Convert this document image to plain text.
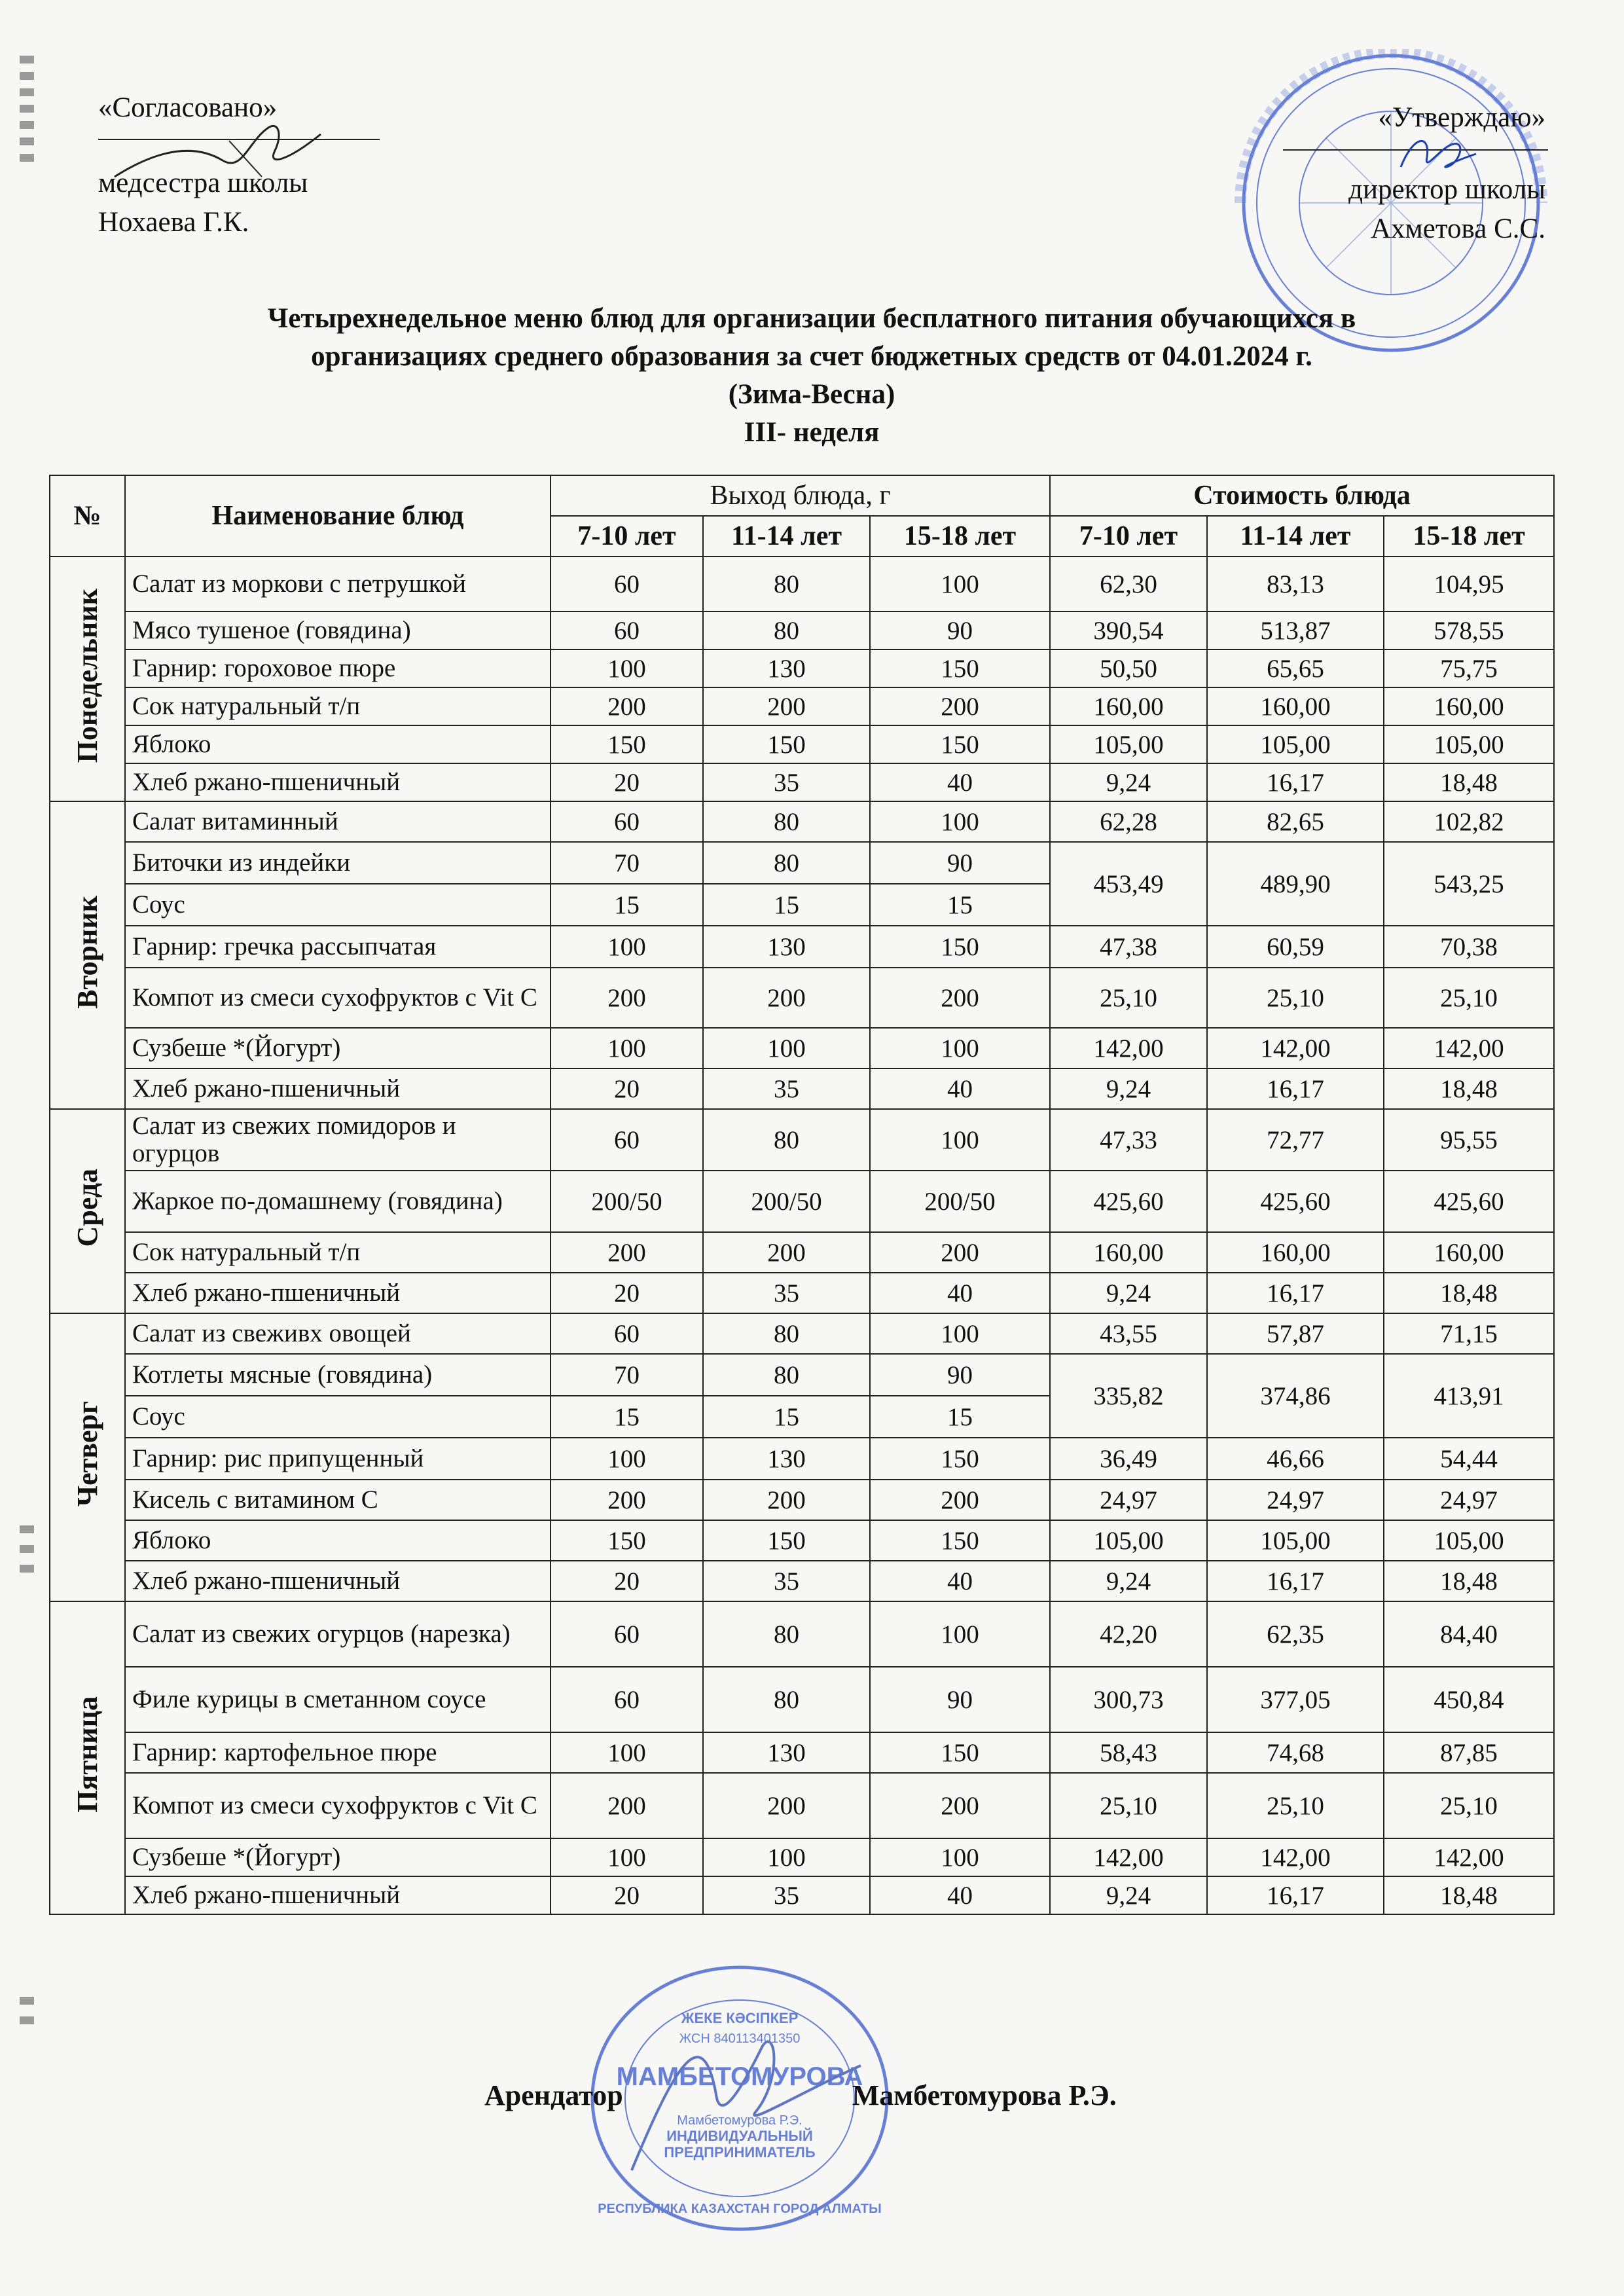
«Согласовано»
медсестра школы
Нохаева Г.К.
«Утверждаю»
директор школы
Ахметова С.С.
Четырехнедельное меню блюд для организации бесплатного питания обучающихся в
организациях среднего образования за счет бюджетных средств от 04.01.2024 г.
(Зима-Весна)
III- неделя
№	Наименование блюд	Выход блюда, г			Стоимость блюда		
		7-10 лет	11-14 лет	15-18 лет	7-10 лет	11-14 лет	15-18 лет
Понедельник	Салат из моркови с петрушкой	60	80	100	62,30	83,13	104,95
	Мясо тушеное (говядина)	60	80	90	390,54	513,87	578,55
	Гарнир: гороховое пюре	100	130	150	50,50	65,65	75,75
	Сок натуральный т/п	200	200	200	160,00	160,00	160,00
	Яблоко	150	150	150	105,00	105,00	105,00
	Хлеб ржано-пшеничный	20	35	40	9,24	16,17	18,48
Вторник	Салат витаминный	60	80	100	62,28	82,65	102,82
	Биточки из индейки	70	80	90	453,49	489,90	543,25
	Соус	15	15	15			
	Гарнир: гречка рассыпчатая	100	130	150	47,38	60,59	70,38
	Компот из смеси сухофруктов с Vit C	200	200	200	25,10	25,10	25,10
	Сузбеше *(Йогурт)	100	100	100	142,00	142,00	142,00
	Хлеб ржано-пшеничный	20	35	40	9,24	16,17	18,48
Среда	Салат из свежих помидоров и огурцов	60	80	100	47,33	72,77	95,55
	Жаркое по-домашнему (говядина)	200/50	200/50	200/50	425,60	425,60	425,60
	Сок натуральный т/п	200	200	200	160,00	160,00	160,00
	Хлеб ржано-пшеничный	20	35	40	9,24	16,17	18,48
Четверг	Салат из свеживх овощей	60	80	100	43,55	57,87	71,15
	Котлеты мясные (говядина)	70	80	90	335,82	374,86	413,91
	Соус	15	15	15			
	Гарнир: рис припущенный	100	130	150	36,49	46,66	54,44
	Кисель с витамином С	200	200	200	24,97	24,97	24,97
	Яблоко	150	150	150	105,00	105,00	105,00
	Хлеб ржано-пшеничный	20	35	40	9,24	16,17	18,48
Пятница	Салат из свежих огурцов (нарезка)	60	80	100	42,20	62,35	84,40
	Филе курицы в сметанном соусе	60	80	90	300,73	377,05	450,84
	Гарнир: картофельное пюре	100	130	150	58,43	74,68	87,85
	Компот из смеси сухофруктов с Vit C	200	200	200	25,10	25,10	25,10
	Сузбеше *(Йогурт)	100	100	100	142,00	142,00	142,00
	Хлеб ржано-пшеничный	20	35	40	9,24	16,17	18,48
ЖЕКЕ КӘСІПКЕР
ЖСН 840113401350
МАМБЕТОМУРОВА
Мамбетомурова Р.Э.
ИНДИВИДУАЛЬНЫЙ
ПРЕДПРИНИМАТЕЛЬ
РЕСПУБЛИКА КАЗАХСТАН ГОРОД АЛМАТЫ
Арендатор	Мамбетомурова Р.Э.
